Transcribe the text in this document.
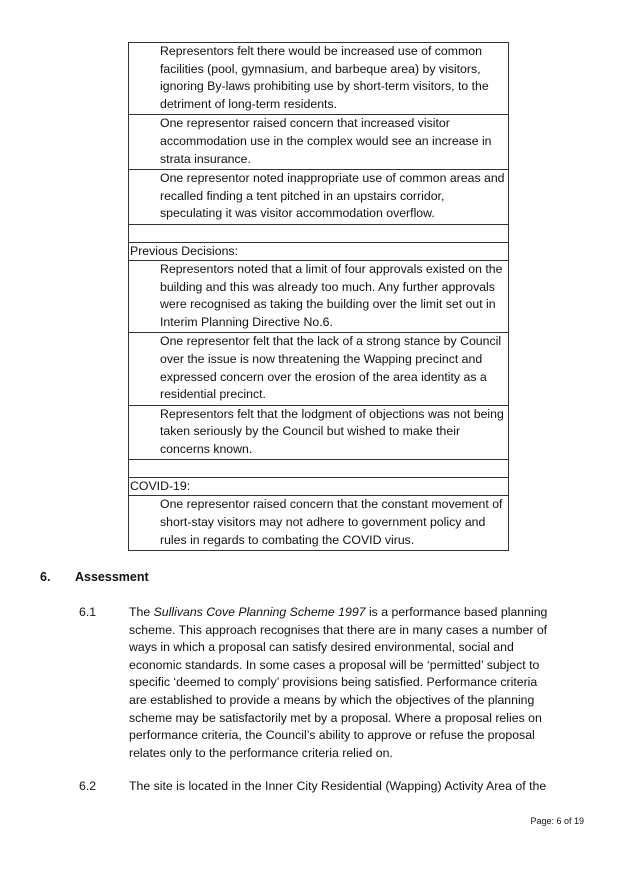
Representors felt there would be increased use of common facilities (pool, gymnasium, and barbeque area) by visitors, ignoring By-laws prohibiting use by short-term visitors, to the detriment of long-term residents.
One representor raised concern that increased visitor accommodation use in the complex would see an increase in strata insurance.
One representor noted inappropriate use of common areas and recalled finding a tent pitched in an upstairs corridor, speculating it was visitor accommodation overflow.

Previous Decisions:
Representors noted that a limit of four approvals existed on the building and this was already too much. Any further approvals were recognised as taking the building over the limit set out in Interim Planning Directive No.6.
One representor felt that the lack of a strong stance by Council over the issue is now threatening the Wapping precinct and expressed concern over the erosion of the area identity as a residential precinct.
Representors felt that the lodgment of objections was not being taken seriously by the Council but wished to make their concerns known.

COVID-19:
One representor raised concern that the constant movement of short-stay visitors may not adhere to government policy and rules in regards to combating the COVID virus.
6. Assessment
6.1	The Sullivans Cove Planning Scheme 1997 is a performance based planning scheme. This approach recognises that there are in many cases a number of ways in which a proposal can satisfy desired environmental, social and economic standards. In some cases a proposal will be ‘permitted’ subject to specific ‘deemed to comply’ provisions being satisfied. Performance criteria are established to provide a means by which the objectives of the planning scheme may be satisfactorily met by a proposal. Where a proposal relies on performance criteria, the Council’s ability to approve or refuse the proposal relates only to the performance criteria relied on.
6.2	The site is located in the Inner City Residential (Wapping) Activity Area of the
Page: 6 of 19
